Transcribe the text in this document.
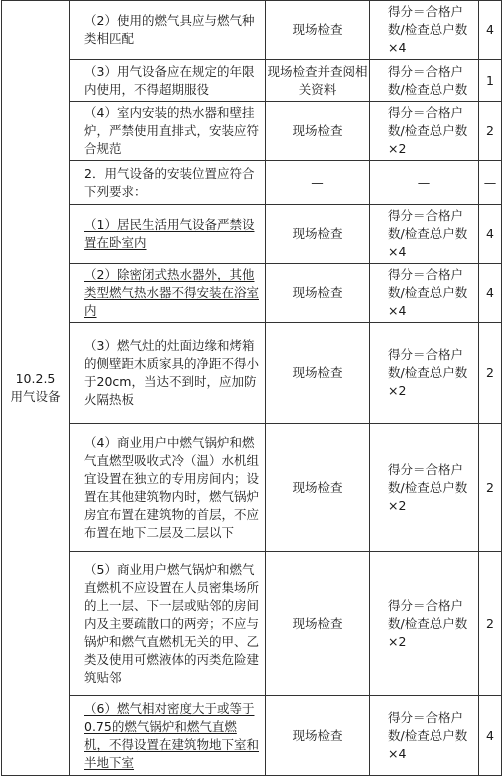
10.2.5
用气设备	（2）使用的燃气具应与燃气种类相匹配	现场检查	得分＝合格户数/检查总户数×4	4

	（3）用气设备应在规定的年限内使用，不得超期服役	现场检查并查阅相关资料	得分＝合格户数/检查总户数	1

	（4）室内安装的热水器和壁挂炉，严禁使用直排式，安装应符合规范	现场检查	得分＝合格户数/检查总户数×2	2

	2．用气设备的安装位置应符合下列要求：	—	—	—

	（1）居民生活用气设备严禁设置在卧室内	现场检查	得分＝合格户数/检查总户数×4	4

	（2）除密闭式热水器外，其他类型燃气热水器不得安装在浴室内	现场检查	得分＝合格户数/检查总户数×4	4

	（3）燃气灶的灶面边缘和烤箱的侧壁距木质家具的净距不得小于20cm，当达不到时，应加防火隔热板	现场检查	得分＝合格户数/检查总户数×2	2

	（4）商业用户中燃气锅炉和燃气直燃型吸收式冷（温）水机组宜设置在独立的专用房间内；设置在其他建筑物内时，燃气锅炉房宜布置在建筑物的首层，不应布置在地下二层及二层以下	现场检查	得分＝合格户数/检查总户数×2	2

	（5）商业用户燃气锅炉和燃气直燃机不应设置在人员密集场所的上一层、下一层或贴邻的房间内及主要疏散口的两旁；不应与锅炉和燃气直燃机无关的甲、乙类及使用可燃液体的丙类危险建筑贴邻	现场检查	得分＝合格户数/检查总户数×2	2

	（6）燃气相对密度大于或等于0.75的燃气锅炉和燃气直燃机，不得设置在建筑物地下室和半地下室	现场检查	得分＝合格户数/检查总户数×4	4
